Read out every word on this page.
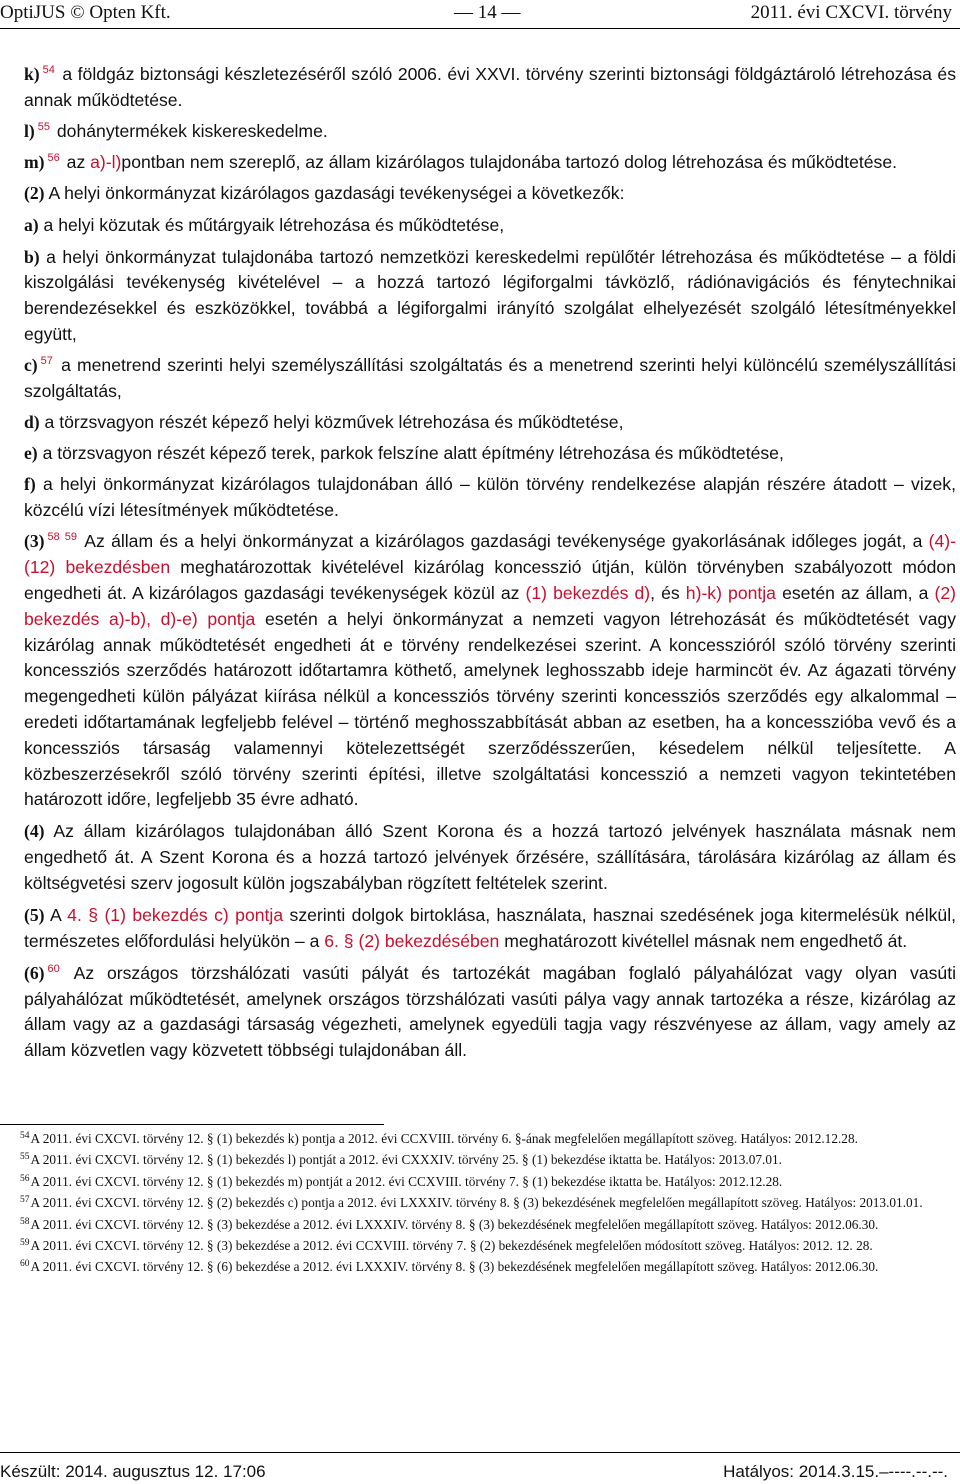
OptiJUS © Opten Kft.	— 14 —	2011. évi CXCVI. törvény
k) $^{54}$ a földgáz biztonsági készletezéséről szóló 2006. évi XXVI. törvény szerinti biztonsági földgáztároló létrehozása és annak működtetése.
l) $^{55}$ dohánytermékek kiskereskedelme.
m) $^{56}$ az a)-l)pontban nem szereplő, az állam kizárólagos tulajdonába tartozó dolog létrehozása és működtetése.
(2) A helyi önkormányzat kizárólagos gazdasági tevékenységei a következők:
a) a helyi közutak és műtárgyaik létrehozása és működtetése,
b) a helyi önkormányzat tulajdonába tartozó nemzetközi kereskedelmi repülőtér létrehozása és működtetése – a földi kiszolgálási tevékenység kivételével – a hozzá tartozó légiforgalmi távközlő, rádiónavigációs és fénytechnikai berendezésekkel és eszközökkel, továbbá a légiforgalmi irányító szolgálat elhelyezését szolgáló létesítményekkel együtt,
c) $^{57}$ a menetrend szerinti helyi személyszállítási szolgáltatás és a menetrend szerinti helyi különcélú személyszállítási szolgáltatás,
d) a törzsvagyon részét képező helyi közművek létrehozása és működtetése,
e) a törzsvagyon részét képező terek, parkok felszíne alatt építmény létrehozása és működtetése,
f) a helyi önkormányzat kizárólagos tulajdonában álló – külön törvény rendelkezése alapján részére átadott – vizek, közcélú vízi létesítmények működtetése.
(3) $^{58}$ $^{59}$ Az állam és a helyi önkormányzat a kizárólagos gazdasági tevékenysége gyakorlásának időleges jogát, a (4)-(12) bekezdésben meghatározottak kivételével kizárólag koncesszió útján, külön törvényben szabályozott módon engedheti át. A kizárólagos gazdasági tevékenységek közül az (1) bekezdés d), és h)-k) pontja esetén az állam, a (2) bekezdés a)-b), d)-e) pontja esetén a helyi önkormányzat a nemzeti vagyon létrehozását és működtetését vagy kizárólag annak működtetését engedheti át e törvény rendelkezései szerint. A koncesszióról szóló törvény szerinti koncessziós szerződés határozott időtartamra köthető, amelynek leghosszabb ideje harmincöt év. Az ágazati törvény megengedheti külön pályázat kiírása nélkül a koncessziós törvény szerinti koncessziós szerződés egy alkalommal – eredeti időtartamának legfeljebb felével – történő meghosszabbítását abban az esetben, ha a koncesszióba vevő és a koncessziós társaság valamennyi kötelezettségét szerződésszerűen, késedelem nélkül teljesítette. A közbeszerzésekről szóló törvény szerinti építési, illetve szolgáltatási koncesszió a nemzeti vagyon tekintetében határozott időre, legfeljebb 35 évre adható.
(4) Az állam kizárólagos tulajdonában álló Szent Korona és a hozzá tartozó jelvények használata másnak nem engedhető át. A Szent Korona és a hozzá tartozó jelvények őrzésére, szállítására, tárolására kizárólag az állam és költségvetési szerv jogosult külön jogszabályban rögzített feltételek szerint.
(5) A 4. § (1) bekezdés c) pontja szerinti dolgok birtoklása, használata, hasznai szedésének joga kitermelésük nélkül, természetes előfordulási helyükön – a 6. § (2) bekezdésében meghatározott kivétellel másnak nem engedhető át.
(6) $^{60}$ Az országos törzshálózati vasúti pályát és tartozékát magában foglaló pályahálózat vagy olyan vasúti pályahálózat működtetését, amelynek országos törzshálózati vasúti pálya vagy annak tartozéka a része, kizárólag az állam vagy az a gazdasági társaság végezheti, amelynek egyedüli tagja vagy részvényese az állam, vagy amely az állam közvetlen vagy közvetett többségi tulajdonában áll.
$^{54}$A 2011. évi CXCVI. törvény 12. § (1) bekezdés k) pontja a 2012. évi CCXVIII. törvény 6. §-ának megfelelően megállapított szöveg. Hatályos: 2012.12.28.
$^{55}$A 2011. évi CXCVI. törvény 12. § (1) bekezdés l) pontját a 2012. évi CXXXIV. törvény 25. § (1) bekezdése iktatta be. Hatályos: 2013.07.01.
$^{56}$A 2011. évi CXCVI. törvény 12. § (1) bekezdés m) pontját a 2012. évi CCXVIII. törvény 7. § (1) bekezdése iktatta be. Hatályos: 2012.12.28.
$^{57}$A 2011. évi CXCVI. törvény 12. § (2) bekezdés c) pontja a 2012. évi LXXXIV. törvény 8. § (3) bekezdésének megfelelően megállapított szöveg. Hatályos: 2013.01.01.
$^{58}$A 2011. évi CXCVI. törvény 12. § (3) bekezdése a 2012. évi LXXXIV. törvény 8. § (3) bekezdésének megfelelően megállapított szöveg. Hatályos: 2012.06.30.
$^{59}$A 2011. évi CXCVI. törvény 12. § (3) bekezdése a 2012. évi CCXVIII. törvény 7. § (2) bekezdésének megfelelően módosított szöveg. Hatályos: 2012. 12. 28.
$^{60}$A 2011. évi CXCVI. törvény 12. § (6) bekezdése a 2012. évi LXXXIV. törvény 8. § (3) bekezdésének megfelelően megállapított szöveg. Hatályos: 2012.06.30.
Készült: 2014. augusztus 12. 17:06	Hatályos: 2014.3.15.–----.--.--.
